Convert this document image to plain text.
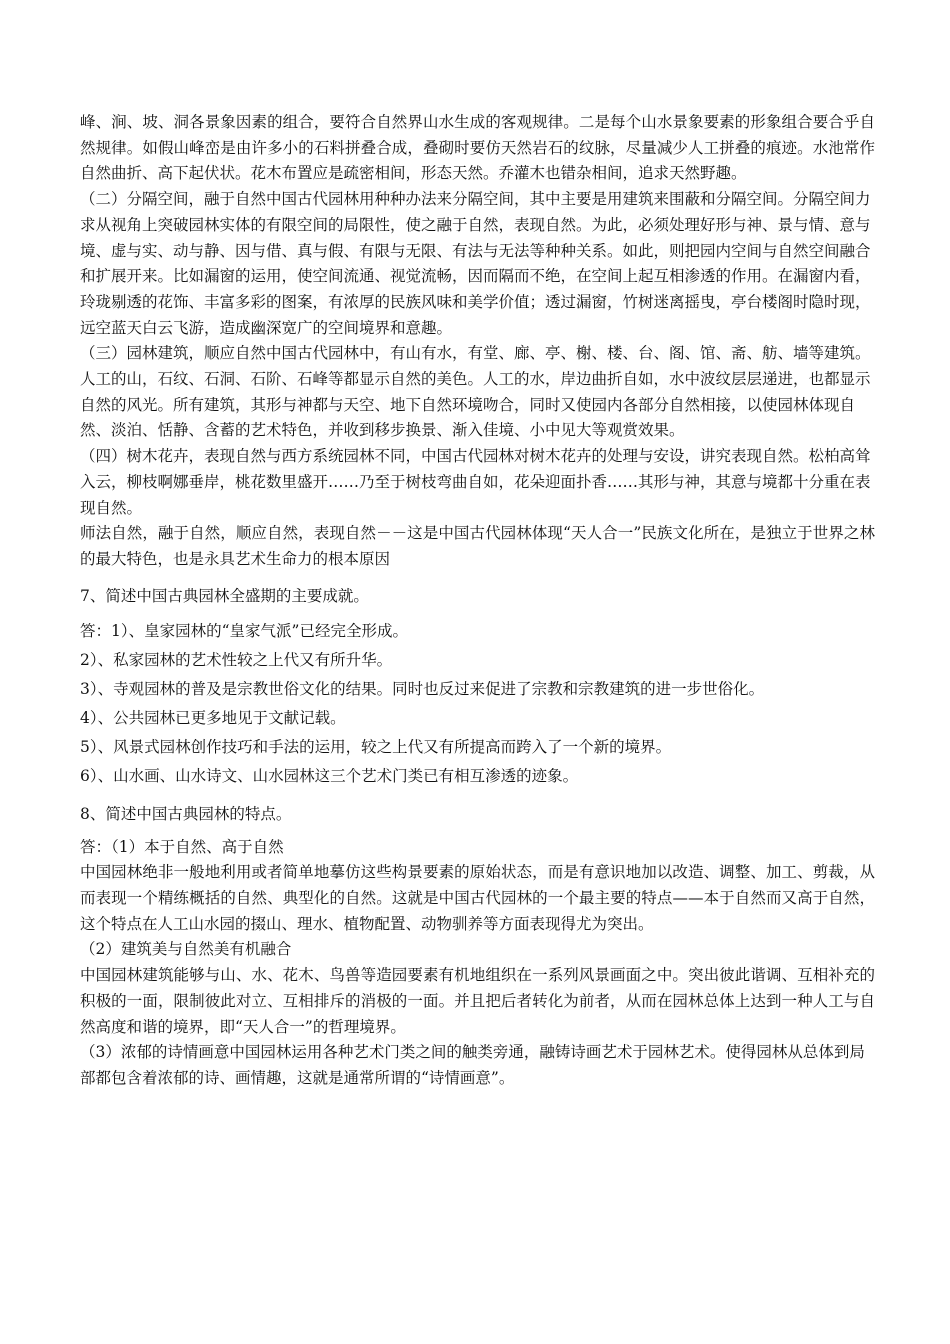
峰、涧、坡、洞各景象因素的组合，要符合自然界山水生成的客观规律。二是每个山水景象要素的形象组合要合乎自然规律。如假山峰峦是由许多小的石料拼叠合成，叠砌时要仿天然岩石的纹脉，尽量减少人工拼叠的痕迹。水池常作自然曲折、高下起伏状。花木布置应是疏密相间，形态天然。乔灌木也错杂相间，追求天然野趣。

（二）分隔空间，融于自然中国古代园林用种种办法来分隔空间，其中主要是用建筑来围蔽和分隔空间。分隔空间力求从视角上突破园林实体的有限空间的局限性，使之融于自然，表现自然。为此，必须处理好形与神、景与情、意与境、虚与实、动与静、因与借、真与假、有限与无限、有法与无法等种种关系。如此，则把园内空间与自然空间融合和扩展开来。比如漏窗的运用，使空间流通、视觉流畅，因而隔而不绝，在空间上起互相渗透的作用。在漏窗内看，玲珑剔透的花饰、丰富多彩的图案，有浓厚的民族风味和美学价值；透过漏窗，竹树迷离摇曳，亭台楼阁时隐时现，远空蓝天白云飞游，造成幽深宽广的空间境界和意趣。

（三）园林建筑，顺应自然中国古代园林中，有山有水，有堂、廊、亭、榭、楼、台、阁、馆、斋、舫、墙等建筑。人工的山，石纹、石洞、石阶、石峰等都显示自然的美色。人工的水，岸边曲折自如，水中波纹层层递进，也都显示自然的风光。所有建筑，其形与神都与天空、地下自然环境吻合，同时又使园内各部分自然相接，以使园林体现自然、淡泊、恬静、含蓄的艺术特色，并收到移步换景、渐入佳境、小中见大等观赏效果。

（四）树木花卉，表现自然与西方系统园林不同，中国古代园林对树木花卉的处理与安设，讲究表现自然。松柏高耸入云，柳枝啊娜垂岸，桃花数里盛开……乃至于树枝弯曲自如，花朵迎面扑香……其形与神，其意与境都十分重在表现自然。

师法自然，融于自然，顺应自然，表现自然－－这是中国古代园林体现“天人合一”民族文化所在，是独立于世界之林的最大特色，也是永具艺术生命力的根本原因

7、简述中国古典园林全盛期的主要成就。

答：1）、皇家园林的“皇家气派”已经完全形成。

2）、私家园林的艺术性较之上代又有所升华。

3）、寺观园林的普及是宗教世俗文化的结果。同时也反过来促进了宗教和宗教建筑的进一步世俗化。

4）、公共园林已更多地见于文献记载。

5）、风景式园林创作技巧和手法的运用，较之上代又有所提高而跨入了一个新的境界。

6）、山水画、山水诗文、山水园林这三个艺术门类已有相互渗透的迹象。

8、简述中国古典园林的特点。

答：（1）本于自然、高于自然

中国园林绝非一般地利用或者简单地摹仿这些构景要素的原始状态，而是有意识地加以改造、调整、加工、剪裁，从而表现一个精练概括的自然、典型化的自然。这就是中国古代园林的一个最主要的特点——本于自然而又高于自然，这个特点在人工山水园的掇山、理水、植物配置、动物驯养等方面表现得尤为突出。

（2）建筑美与自然美有机融合

中国园林建筑能够与山、水、花木、鸟兽等造园要素有机地组织在一系列风景画面之中。突出彼此谐调、互相补充的积极的一面，限制彼此对立、互相排斥的消极的一面。并且把后者转化为前者，从而在园林总体上达到一种人工与自然高度和谐的境界，即“天人合一”的哲理境界。

（3）浓郁的诗情画意中国园林运用各种艺术门类之间的触类旁通，融铸诗画艺术于园林艺术。使得园林从总体到局部都包含着浓郁的诗、画情趣，这就是通常所谓的“诗情画意”。
